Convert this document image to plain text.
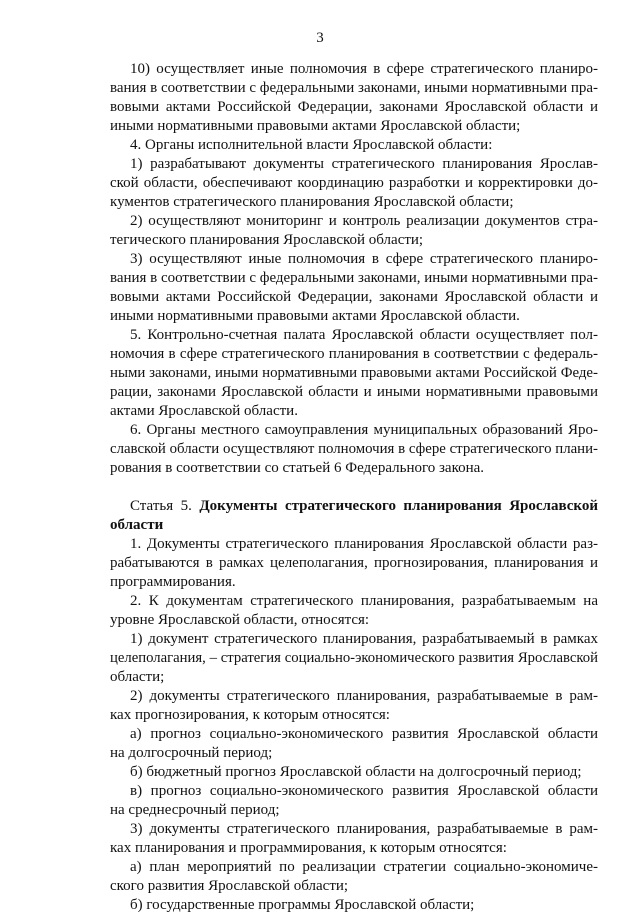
3
10) осуществляет иные полномочия в сфере стратегического планиро-
вания в соответствии с федеральными законами, иными нормативными пра-
вовыми актами Российской Федерации, законами Ярославской области и
иными нормативными правовыми актами Ярославской области;
4. Органы исполнительной власти Ярославской области:
1) разрабатывают документы стратегического планирования Ярослав-
ской области, обеспечивают координацию разработки и корректировки до-
кументов стратегического планирования Ярославской области;
2) осуществляют мониторинг и контроль реализации документов стра-
тегического планирования Ярославской области;
3) осуществляют иные полномочия в сфере стратегического планиро-
вания в соответствии с федеральными законами, иными нормативными пра-
вовыми актами Российской Федерации, законами Ярославской области и
иными нормативными правовыми актами Ярославской области.
5. Контрольно-счетная палата Ярославской области осуществляет пол-
номочия в сфере стратегического планирования в соответствии с федераль-
ными законами, иными нормативными правовыми актами Российской Феде-
рации, законами Ярославской области и иными нормативными правовыми
актами Ярославской области.
6. Органы местного самоуправления муниципальных образований Яро-
славской области осуществляют полномочия в сфере стратегического плани-
рования в соответствии со статьей 6 Федерального закона.
Статья 5. Документы стратегического планирования Ярославской
области
1. Документы стратегического планирования Ярославской области раз-
рабатываются в рамках целеполагания, прогнозирования, планирования и
программирования.
2. К документам стратегического планирования, разрабатываемым на
уровне Ярославской области, относятся:
1) документ стратегического планирования, разрабатываемый в рамках
целеполагания, – стратегия социально-экономического развития Ярославской
области;
2) документы стратегического планирования, разрабатываемые в рам-
ках прогнозирования, к которым относятся:
а) прогноз социально-экономического развития Ярославской области
на долгосрочный период;
б) бюджетный прогноз Ярославской области на долгосрочный период;
в) прогноз социально-экономического развития Ярославской области
на среднесрочный период;
3) документы стратегического планирования, разрабатываемые в рам-
ках планирования и программирования, к которым относятся:
а) план мероприятий по реализации стратегии социально-экономиче-
ского развития Ярославской области;
б) государственные программы Ярославской области;
